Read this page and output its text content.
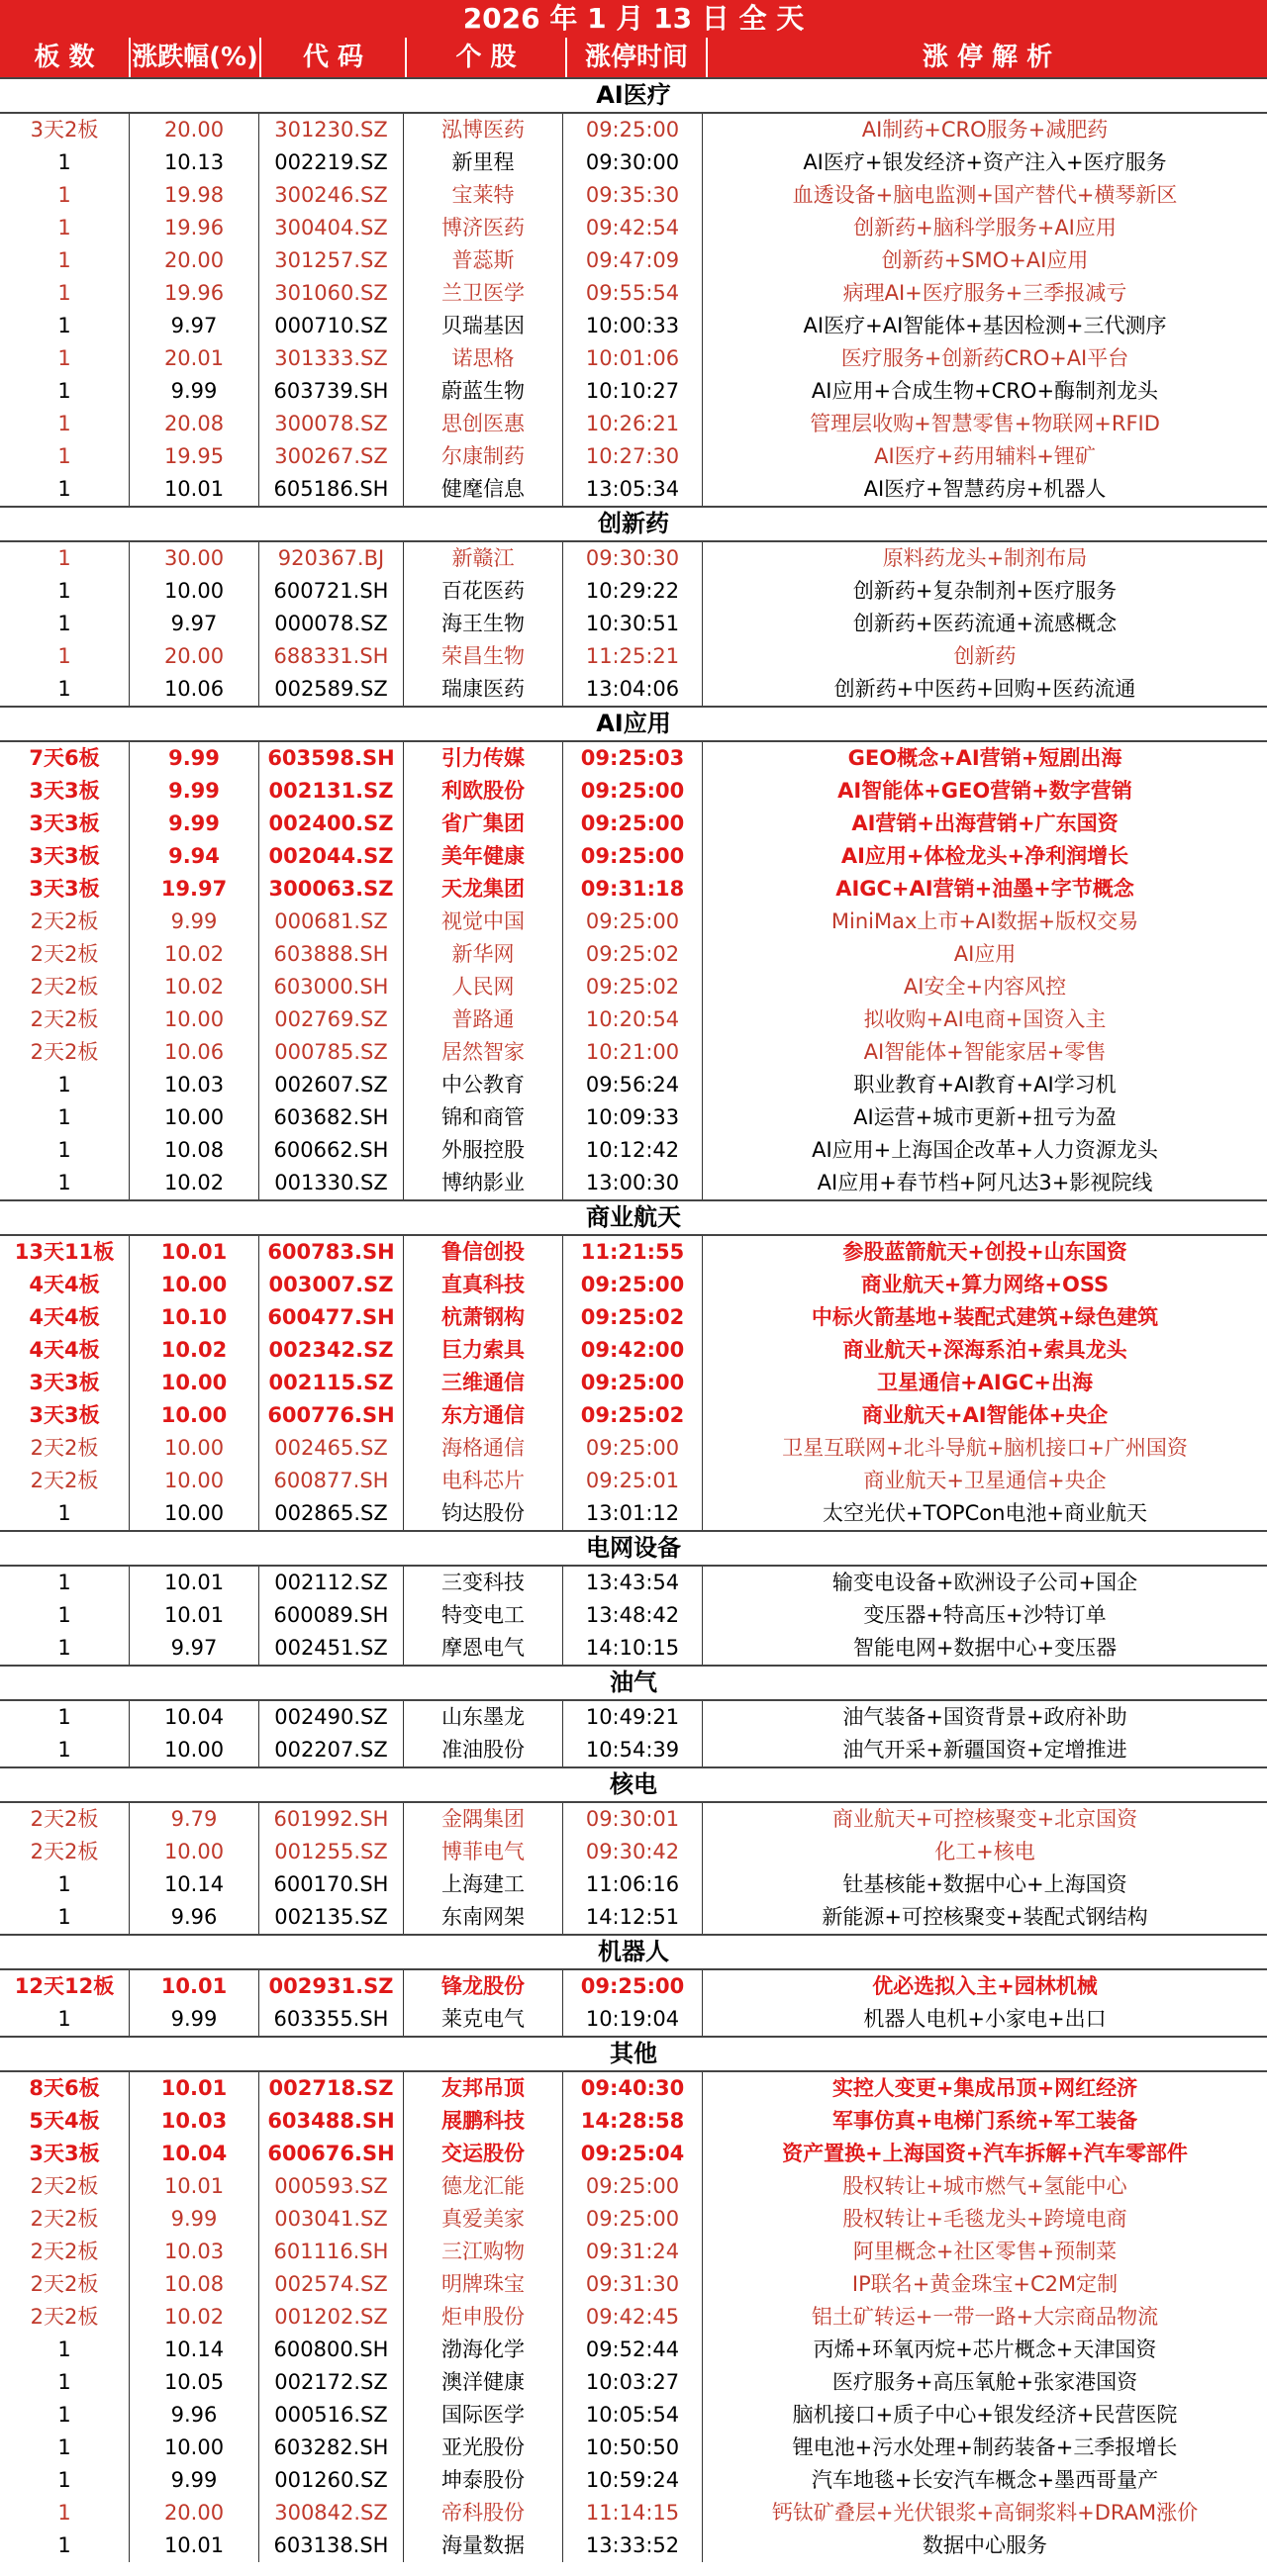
2026 年 1 月 13 日 全 天
板 数	涨跌幅(%)	代 码	个 股	涨停时间	涨 停 解 析
AI医疗
3天2板	20.00	301230.SZ	泓博医药	09:25:00	AI制药+CRO服务+减肥药
1	10.13	002219.SZ	新里程	09:30:00	AI医疗+银发经济+资产注入+医疗服务
1	19.98	300246.SZ	宝莱特	09:35:30	血透设备+脑电监测+国产替代+横琴新区
1	19.96	300404.SZ	博济医药	09:42:54	创新药+脑科学服务+AI应用
1	20.00	301257.SZ	普蕊斯	09:47:09	创新药+SMO+AI应用
1	19.96	301060.SZ	兰卫医学	09:55:54	病理AI+医疗服务+三季报减亏
1	9.97	000710.SZ	贝瑞基因	10:00:33	AI医疗+AI智能体+基因检测+三代测序
1	20.01	301333.SZ	诺思格	10:01:06	医疗服务+创新药CRO+AI平台
1	9.99	603739.SH	蔚蓝生物	10:10:27	AI应用+合成生物+CRO+酶制剂龙头
1	20.08	300078.SZ	思创医惠	10:26:21	管理层收购+智慧零售+物联网+RFID
1	19.95	300267.SZ	尔康制药	10:27:30	AI医疗+药用辅料+锂矿
1	10.01	605186.SH	健麾信息	13:05:34	AI医疗+智慧药房+机器人
创新药
1	30.00	920367.BJ	新赣江	09:30:30	原料药龙头+制剂布局
1	10.00	600721.SH	百花医药	10:29:22	创新药+复杂制剂+医疗服务
1	9.97	000078.SZ	海王生物	10:30:51	创新药+医药流通+流感概念
1	20.00	688331.SH	荣昌生物	11:25:21	创新药
1	10.06	002589.SZ	瑞康医药	13:04:06	创新药+中医药+回购+医药流通
AI应用
7天6板	9.99	603598.SH	引力传媒	09:25:03	GEO概念+AI营销+短剧出海
3天3板	9.99	002131.SZ	利欧股份	09:25:00	AI智能体+GEO营销+数字营销
3天3板	9.99	002400.SZ	省广集团	09:25:00	AI营销+出海营销+广东国资
3天3板	9.94	002044.SZ	美年健康	09:25:00	AI应用+体检龙头+净利润增长
3天3板	19.97	300063.SZ	天龙集团	09:31:18	AIGC+AI营销+油墨+字节概念
2天2板	9.99	000681.SZ	视觉中国	09:25:00	MiniMax上市+AI数据+版权交易
2天2板	10.02	603888.SH	新华网	09:25:02	AI应用
2天2板	10.02	603000.SH	人民网	09:25:02	AI安全+内容风控
2天2板	10.00	002769.SZ	普路通	10:20:54	拟收购+AI电商+国资入主
2天2板	10.06	000785.SZ	居然智家	10:21:00	AI智能体+智能家居+零售
1	10.03	002607.SZ	中公教育	09:56:24	职业教育+AI教育+AI学习机
1	10.00	603682.SH	锦和商管	10:09:33	AI运营+城市更新+扭亏为盈
1	10.08	600662.SH	外服控股	10:12:42	AI应用+上海国企改革+人力资源龙头
1	10.02	001330.SZ	博纳影业	13:00:30	AI应用+春节档+阿凡达3+影视院线
商业航天
13天11板	10.01	600783.SH	鲁信创投	11:21:55	参股蓝箭航天+创投+山东国资
4天4板	10.00	003007.SZ	直真科技	09:25:00	商业航天+算力网络+OSS
4天4板	10.10	600477.SH	杭萧钢构	09:25:02	中标火箭基地+装配式建筑+绿色建筑
4天4板	10.02	002342.SZ	巨力索具	09:42:00	商业航天+深海系泊+索具龙头
3天3板	10.00	002115.SZ	三维通信	09:25:00	卫星通信+AIGC+出海
3天3板	10.00	600776.SH	东方通信	09:25:02	商业航天+AI智能体+央企
2天2板	10.00	002465.SZ	海格通信	09:25:00	卫星互联网+北斗导航+脑机接口+广州国资
2天2板	10.00	600877.SH	电科芯片	09:25:01	商业航天+卫星通信+央企
1	10.00	002865.SZ	钧达股份	13:01:12	太空光伏+TOPCon电池+商业航天
电网设备
1	10.01	002112.SZ	三变科技	13:43:54	输变电设备+欧洲设子公司+国企
1	10.01	600089.SH	特变电工	13:48:42	变压器+特高压+沙特订单
1	9.97	002451.SZ	摩恩电气	14:10:15	智能电网+数据中心+变压器
油气
1	10.04	002490.SZ	山东墨龙	10:49:21	油气装备+国资背景+政府补助
1	10.00	002207.SZ	准油股份	10:54:39	油气开采+新疆国资+定增推进
核电
2天2板	9.79	601992.SH	金隅集团	09:30:01	商业航天+可控核聚变+北京国资
2天2板	10.00	001255.SZ	博菲电气	09:30:42	化工+核电
1	10.14	600170.SH	上海建工	11:06:16	钍基核能+数据中心+上海国资
1	9.96	002135.SZ	东南网架	14:12:51	新能源+可控核聚变+装配式钢结构
机器人
12天12板	10.01	002931.SZ	锋龙股份	09:25:00	优必选拟入主+园林机械
1	9.99	603355.SH	莱克电气	10:19:04	机器人电机+小家电+出口
其他
8天6板	10.01	002718.SZ	友邦吊顶	09:40:30	实控人变更+集成吊顶+网红经济
5天4板	10.03	603488.SH	展鹏科技	14:28:58	军事仿真+电梯门系统+军工装备
3天3板	10.04	600676.SH	交运股份	09:25:04	资产置换+上海国资+汽车拆解+汽车零部件
2天2板	10.01	000593.SZ	德龙汇能	09:25:00	股权转让+城市燃气+氢能中心
2天2板	9.99	003041.SZ	真爱美家	09:25:00	股权转让+毛毯龙头+跨境电商
2天2板	10.03	601116.SH	三江购物	09:31:24	阿里概念+社区零售+预制菜
2天2板	10.08	002574.SZ	明牌珠宝	09:31:30	IP联名+黄金珠宝+C2M定制
2天2板	10.02	001202.SZ	炬申股份	09:42:45	铝土矿转运+一带一路+大宗商品物流
1	10.14	600800.SH	渤海化学	09:52:44	丙烯+环氧丙烷+芯片概念+天津国资
1	10.05	002172.SZ	澳洋健康	10:03:27	医疗服务+高压氧舱+张家港国资
1	9.96	000516.SZ	国际医学	10:05:54	脑机接口+质子中心+银发经济+民营医院
1	10.00	603282.SH	亚光股份	10:50:50	锂电池+污水处理+制药装备+三季报增长
1	9.99	001260.SZ	坤泰股份	10:59:24	汽车地毯+长安汽车概念+墨西哥量产
1	20.00	300842.SZ	帝科股份	11:14:15	钙钛矿叠层+光伏银浆+高铜浆料+DRAM涨价
1	10.01	603138.SH	海量数据	13:33:52	数据中心服务
